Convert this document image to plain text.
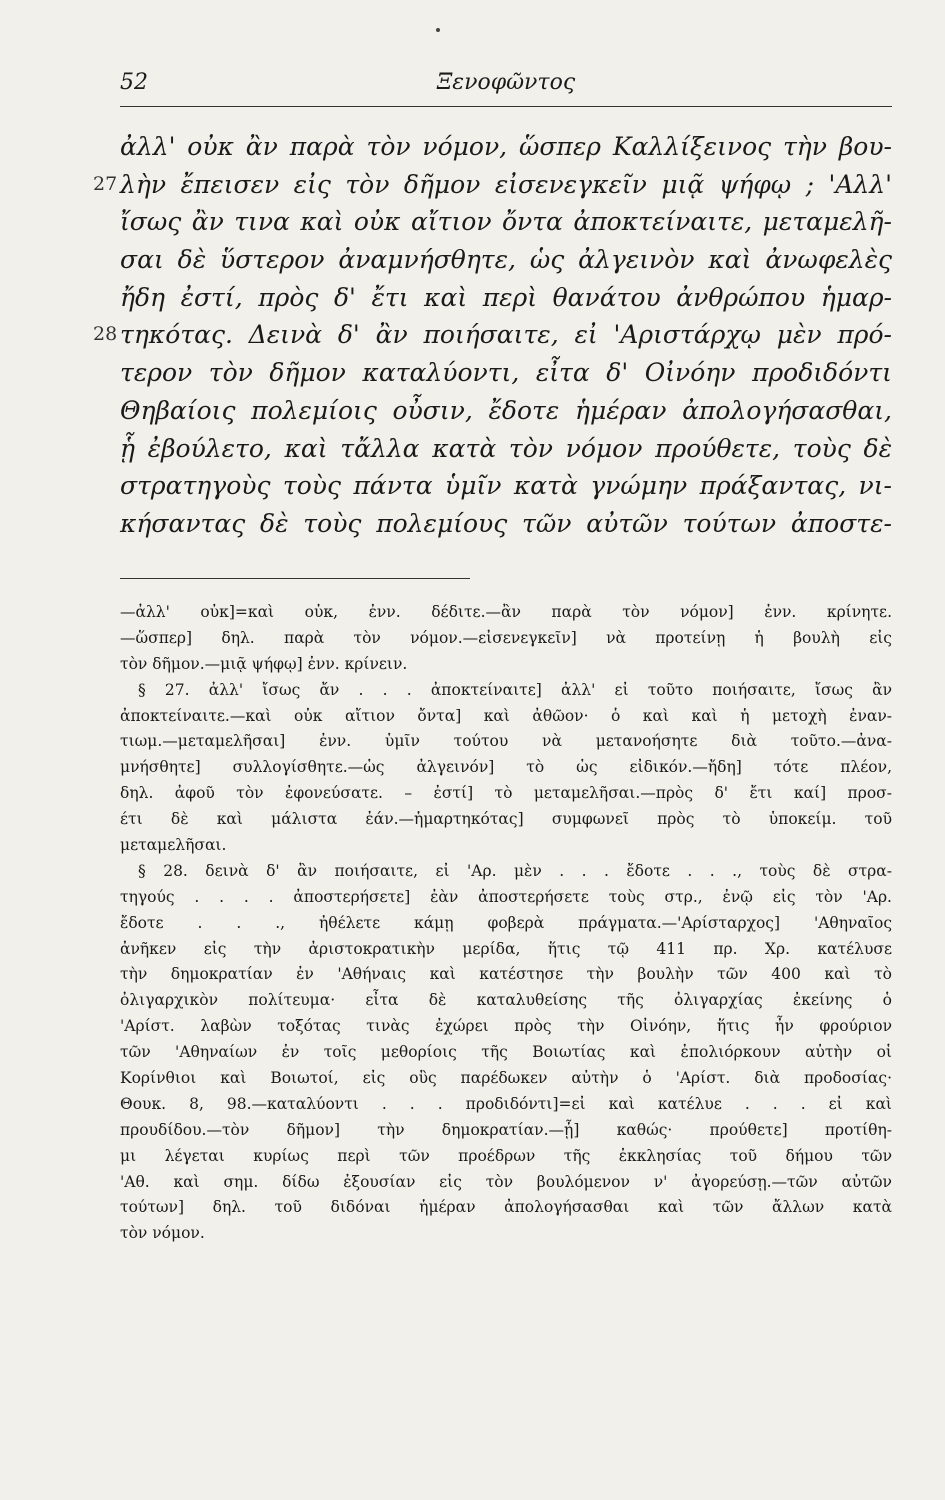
52	Ξενοφῶντος
ἀλλ' οὐκ ἂν παρὰ τὸν νόμον, ὥσπερ Καλλίξεινος τὴν βου-
27 λὴν ἔπεισεν εἰς τὸν δῆμον εἰσενεγκεῖν μιᾷ ψήφῳ ; 'Αλλ'
ἴσως ἂν τινα καὶ οὐκ αἴτιον ὄντα ἀποκτείναιτε, μεταμελῆ-
σαι δὲ ὕστερον ἀναμνήσθητε, ὡς ἀλγεινὸν καὶ ἀνωφελὲς
ἤδη ἐστί, πρὸς δ' ἔτι καὶ περὶ θανάτου ἀνθρώπου ἡμαρ-
28 τηκότας. Δεινὰ δ' ἂν ποιήσαιτε, εἰ 'Αριστάρχῳ μὲν πρό-
τερον τὸν δῆμον καταλύοντι, εἶτα δ' Οἰνόην προδιδόντι
Θηβαίοις πολεμίοις οὖσιν, ἔδοτε ἡμέραν ἀπολογήσασθαι,
ᾗ ἐβούλετο, καὶ τἄλλα κατὰ τὸν νόμον προύθετε, τοὺς δὲ
στρατηγοὺς τοὺς πάντα ὑμῖν κατὰ γνώμην πράξαντας, νι-
κήσαντας δὲ τοὺς πολεμίους τῶν αὐτῶν τούτων ἀποστε-
—ἀλλ' οὐκ]=καὶ οὐκ, ἐνν. δέδιτε.—ἂν παρὰ τὸν νόμον] ἐνν. κρίνητε.
—ὥσπερ] δηλ. παρὰ τὸν νόμον.—εἰσενεγκεῖν] νὰ προτείνῃ ἡ βουλὴ εἰς
τὸν δῆμον.—μιᾷ ψήφῳ] ἐνν. κρίνειν.
§ 27. ἀλλ' ἴσως ἄν . . . ἀποκτείναιτε] ἀλλ' εἰ τοῦτο ποιήσαιτε, ἴσως ἂν
ἀποκτείναιτε.—καὶ οὐκ αἴτιον ὄντα] καὶ ἀθῶον· ὁ καὶ καὶ ἡ μετοχὴ ἐναν-
τιωμ.—μεταμελῆσαι] ἐνν. ὑμῖν τούτου νὰ μετανοήσητε διὰ τοῦτο.—ἀνα-
μνήσθητε] συλλογίσθητε.—ὡς ἀλγεινόν] τὸ ὡς εἰδικόν.—ἤδη] τότε πλέον,
δηλ. ἀφοῦ τὸν ἐφονεύσατε. – ἐστί] τὸ μεταμελῆσαι.—πρὸς δ' ἔτι καί] προσ-
έτι δὲ καὶ μάλιστα ἐάν.—ἡμαρτηκότας] συμφωνεῖ πρὸς τὸ ὑποκείμ. τοῦ
μεταμελῆσαι.
§ 28. δεινὰ δ' ἂν ποιήσαιτε, εἰ 'Αρ. μὲν . . . ἔδοτε . . ., τοὺς δὲ στρα-
τηγούς . . . . ἀποστερήσετε] ἐὰν ἀποστερήσετε τοὺς στρ., ἐνῷ εἰς τὸν 'Αρ.
ἔδοτε . . ., ἠθέλετε κάμῃ φοβερὰ πράγματα.—'Αρίσταρχος] 'Αθηναῖος
ἀνῆκεν εἰς τὴν ἀριστοκρατικὴν μερίδα, ἥτις τῷ 411 πρ. Χρ. κατέλυσε
τὴν δημοκρατίαν ἐν 'Αθήναις καὶ κατέστησε τὴν βουλὴν τῶν 400 καὶ τὸ
ὀλιγαρχικὸν πολίτευμα· εἶτα δὲ καταλυθείσης τῆς ὀλιγαρχίας ἐκείνης ὁ
'Αρίστ. λαβὼν τοξότας τινὰς ἐχώρει πρὸς τὴν Οἰνόην, ἥτις ἦν φρούριον
τῶν 'Αθηναίων ἐν τοῖς μεθορίοις τῆς Βοιωτίας καὶ ἐπολιόρκουν αὐτὴν οἱ
Κορίνθιοι καὶ Βοιωτοί, εἰς οὓς παρέδωκεν αὐτὴν ὁ 'Αρίστ. διὰ προδοσίας·
Θουκ. 8, 98.—καταλύοντι . . . προδιδόντι]=εἰ καὶ κατέλυε . . . εἰ καὶ
προυδίδου.—τὸν δῆμον] τὴν δημοκρατίαν.—ᾗ] καθώς· προύθετε] προτίθη-
μι λέγεται κυρίως περὶ τῶν προέδρων τῆς ἐκκλησίας τοῦ δήμου τῶν
'Αθ. καὶ σημ. δίδω ἐξουσίαν εἰς τὸν βουλόμενον ν' ἀγορεύσῃ.—τῶν αὐτῶν
τούτων] δηλ. τοῦ διδόναι ἡμέραν ἀπολογήσασθαι καὶ τῶν ἄλλων κατὰ
τὸν νόμον.
